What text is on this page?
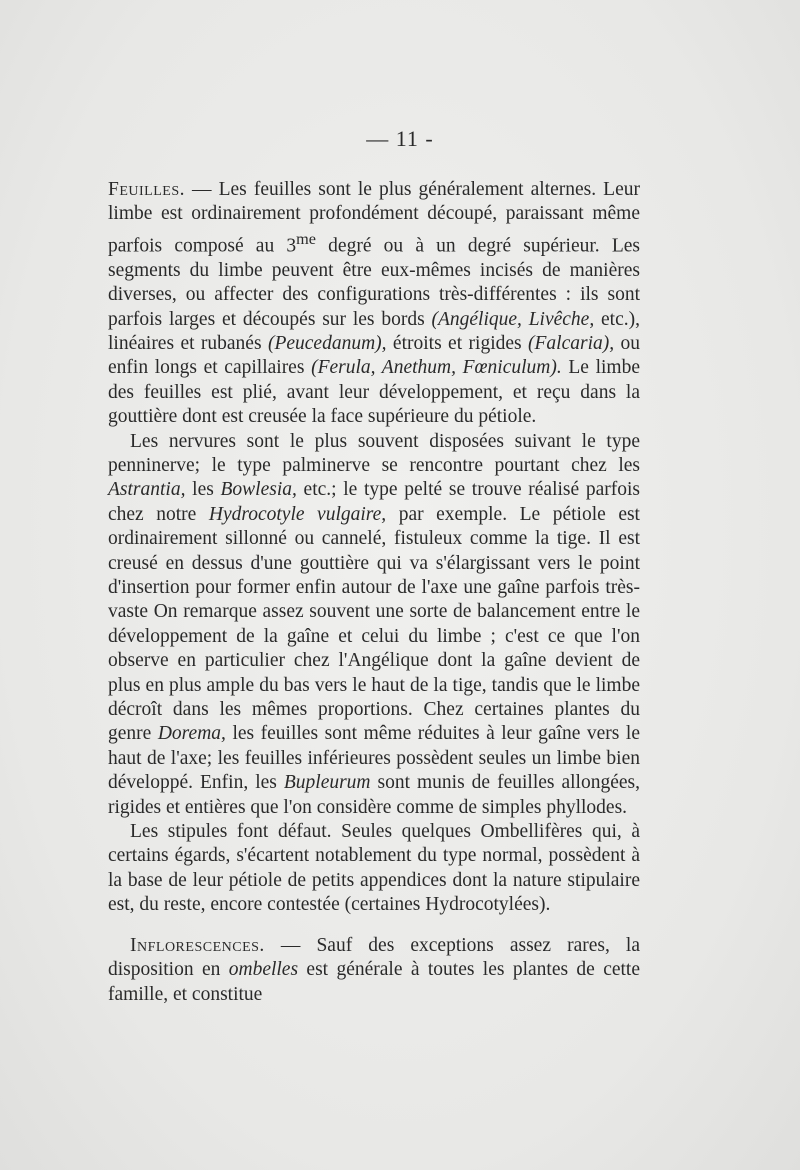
— 11 -

Feuilles. — Les feuilles sont le plus généralement alternes. Leur limbe est ordinairement profondément découpé, paraissant même parfois composé au $3^{me}$ degré ou à un degré supérieur. Les segments du limbe peuvent être eux-mêmes incisés de manières diverses, ou affecter des configurations très-différentes : ils sont parfois larges et découpés sur les bords (Angélique, Livêche, etc.), linéaires et rubanés (Peucedanum), étroits et rigides (Falcaria), ou enfin longs et capillaires (Ferula, Anethum, Fœniculum). Le limbe des feuilles est plié, avant leur développement, et reçu dans la gouttière dont est creusée la face supérieure du pétiole.

Les nervures sont le plus souvent disposées suivant le type penninerve; le type palminerve se rencontre pourtant chez les Astrantia, les Bowlesia, etc.; le type pelté se trouve réalisé parfois chez notre Hydrocotyle vulgaire, par exemple. Le pétiole est ordinairement sillonné ou cannelé, fistuleux comme la tige. Il est creusé en dessus d'une gouttière qui va s'élargissant vers le point d'insertion pour former enfin autour de l'axe une gaîne parfois très-vaste On remarque assez souvent une sorte de balancement entre le développement de la gaîne et celui du limbe ; c'est ce que l'on observe en particulier chez l'Angélique dont la gaîne devient de plus en plus ample du bas vers le haut de la tige, tandis que le limbe décroît dans les mêmes proportions. Chez certaines plantes du genre Dorema, les feuilles sont même réduites à leur gaîne vers le haut de l'axe; les feuilles inférieures possèdent seules un limbe bien développé. Enfin, les Bupleurum sont munis de feuilles allongées, rigides et entières que l'on considère comme de simples phyllodes.

Les stipules font défaut. Seules quelques Ombellifères qui, à certains égards, s'écartent notablement du type normal, possèdent à la base de leur pétiole de petits appendices dont la nature stipulaire est, du reste, encore contestée (certaines Hydrocotylées).

Inflorescences. — Sauf des exceptions assez rares, la disposition en ombelles est générale à toutes les plantes de cette famille, et constitue
